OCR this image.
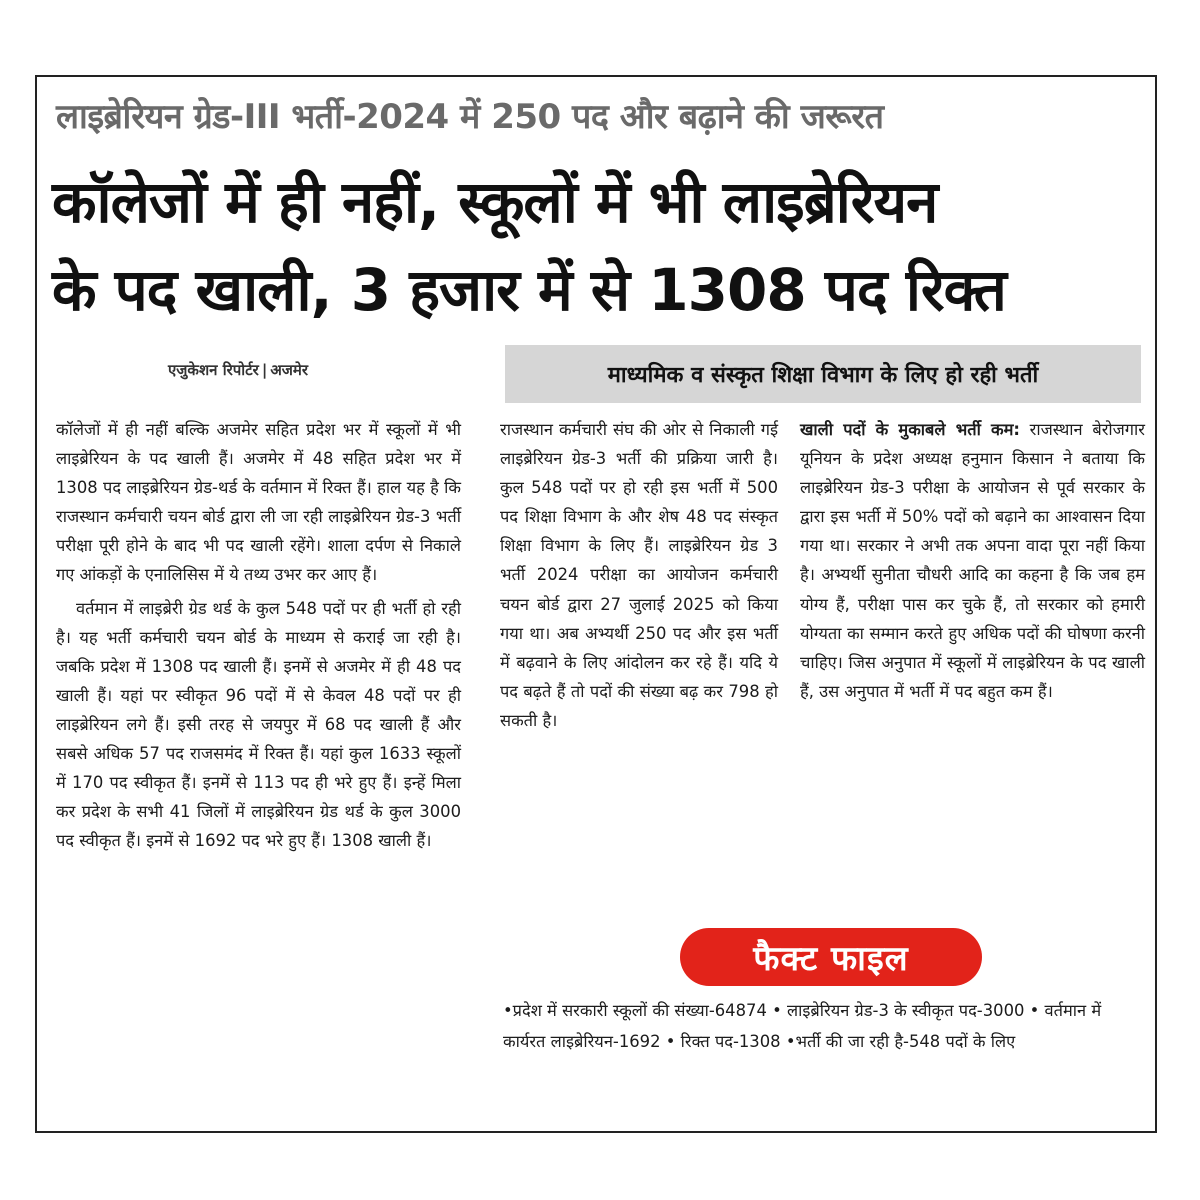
लाइब्रेरियन ग्रेड-III भर्ती-2024 में 250 पद और बढ़ाने की जरूरत
कॉलेजों में ही नहीं, स्कूलों में भी लाइब्रेरियन
के पद खाली, 3 हजार में से 1308 पद रिक्त
एजुकेशन रिपोर्टर | अजमेर	माध्यमिक व संस्कृत शिक्षा विभाग के लिए हो रही भर्ती

कॉलेजों में ही नहीं बल्कि अजमेर सहित प्रदेश भर में स्कूलों में भी लाइब्रेरियन के पद खाली हैं। अजमेर में 48 सहित प्रदेश भर में 1308 पद लाइब्रेरियन ग्रेड-थर्ड के वर्तमान में रिक्त हैं। हाल यह है कि राजस्थान कर्मचारी चयन बोर्ड द्वारा ली जा रही लाइब्रेरियन ग्रेड-3 भर्ती परीक्षा पूरी होने के बाद भी पद खाली रहेंगे। शाला दर्पण से निकाले गए आंकड़ों के एनालिसिस में ये तथ्य उभर कर आए हैं।

वर्तमान में लाइब्रेरी ग्रेड थर्ड के कुल 548 पदों पर ही भर्ती हो रही है। यह भर्ती कर्मचारी चयन बोर्ड के माध्यम से कराई जा रही है। जबकि प्रदेश में 1308 पद खाली हैं। इनमें से अजमेर में ही 48 पद खाली हैं। यहां पर स्वीकृत 96 पदों में से केवल 48 पदों पर ही लाइब्रेरियन लगे हैं। इसी तरह से जयपुर में 68 पद खाली हैं और सबसे अधिक 57 पद राजसमंद में रिक्त हैं। यहां कुल 1633 स्कूलों में 170 पद स्वीकृत हैं। इनमें से 113 पद ही भरे हुए हैं। इन्हें मिला कर प्रदेश के सभी 41 जिलों में लाइब्रेरियन ग्रेड थर्ड के कुल 3000 पद स्वीकृत हैं। इनमें से 1692 पद भरे हुए हैं। 1308 खाली हैं।

राजस्थान कर्मचारी संघ की ओर से निकाली गई लाइब्रेरियन ग्रेड-3 भर्ती की प्रक्रिया जारी है। कुल 548 पदों पर हो रही इस भर्ती में 500 पद शिक्षा विभाग के और शेष 48 पद संस्कृत शिक्षा विभाग के लिए हैं। लाइब्रेरियन ग्रेड 3 भर्ती 2024 परीक्षा का आयोजन कर्मचारी चयन बोर्ड द्वारा 27 जुलाई 2025 को किया गया था। अब अभ्यर्थी 250 पद और इस भर्ती में बढ़वाने के लिए आंदोलन कर रहे हैं। यदि ये पद बढ़ते हैं तो पदों की संख्या बढ़ कर 798 हो सकती है।

खाली पदों के मुकाबले भर्ती कम: राजस्थान बेरोजगार यूनियन के प्रदेश अध्यक्ष हनुमान किसान ने बताया कि लाइब्रेरियन ग्रेड-3 परीक्षा के आयोजन से पूर्व सरकार के द्वारा इस भर्ती में 50% पदों को बढ़ाने का आश्वासन दिया गया था। सरकार ने अभी तक अपना वादा पूरा नहीं किया है। अभ्यर्थी सुनीता चौधरी आदि का कहना है कि जब हम योग्य हैं, परीक्षा पास कर चुके हैं, तो सरकार को हमारी योग्यता का सम्मान करते हुए अधिक पदों की घोषणा करनी चाहिए। जिस अनुपात में स्कूलों में लाइब्रेरियन के पद खाली हैं, उस अनुपात में भर्ती में पद बहुत कम हैं।

फैक्ट फाइल
•प्रदेश में सरकारी स्कूलों की संख्या-64874 • लाइब्रेरियन ग्रेड-3 के स्वीकृत पद-3000 • वर्तमान में कार्यरत लाइब्रेरियन-1692 • रिक्त पद-1308 •भर्ती की जा रही है-548 पदों के लिए
